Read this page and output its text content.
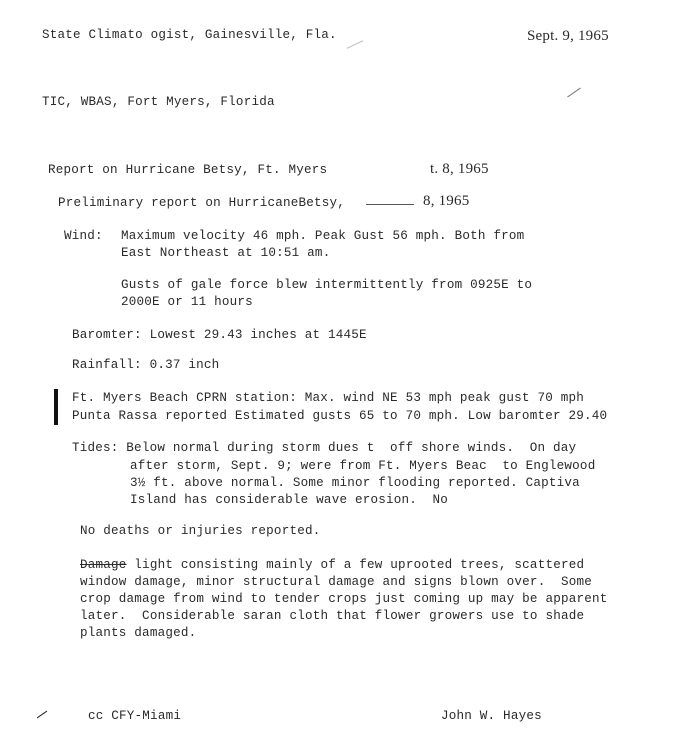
State Climato ogist, Gainesville, Fla.	Sept. 9, 1965
TIC, WBAS, Fort Myers, Florida
Report on Hurricane Betsy, Ft. Myers	t. 8, 1965
Preliminary report on HurricaneBetsy,	8, 1965
Wind: Maximum velocity 46 mph. Peak Gust 56 mph. Both from
East Northeast at 10:51 am.
Gusts of gale force blew intermittently from 0925E to
2000E or 11 hours
Baromter: Lowest 29.43 inches at 1445E
Rainfall: 0.37 inch
Ft. Myers Beach CPRN station: Max. wind NE 53 mph peak gust 70 mph
Punta Rassa reported Estimated gusts 65 to 70 mph. Low baromter 29.40
Tides: Below normal during storm dues t  off shore winds.  On day
after storm, Sept. 9; were from Ft. Myers Beac  to Englewood
3½ ft. above normal. Some minor flooding reported. Captiva
Island has considerable wave erosion.  No
No deaths or injuries reported.
Damage light consisting mainly of a few uprooted trees, scattered
window damage, minor structural damage and signs blown over.  Some
crop damage from wind to tender crops just coming up may be apparent
later.  Considerable saran cloth that flower growers use to shade
plants damaged.
cc CFY-Miami	John W. Hayes
